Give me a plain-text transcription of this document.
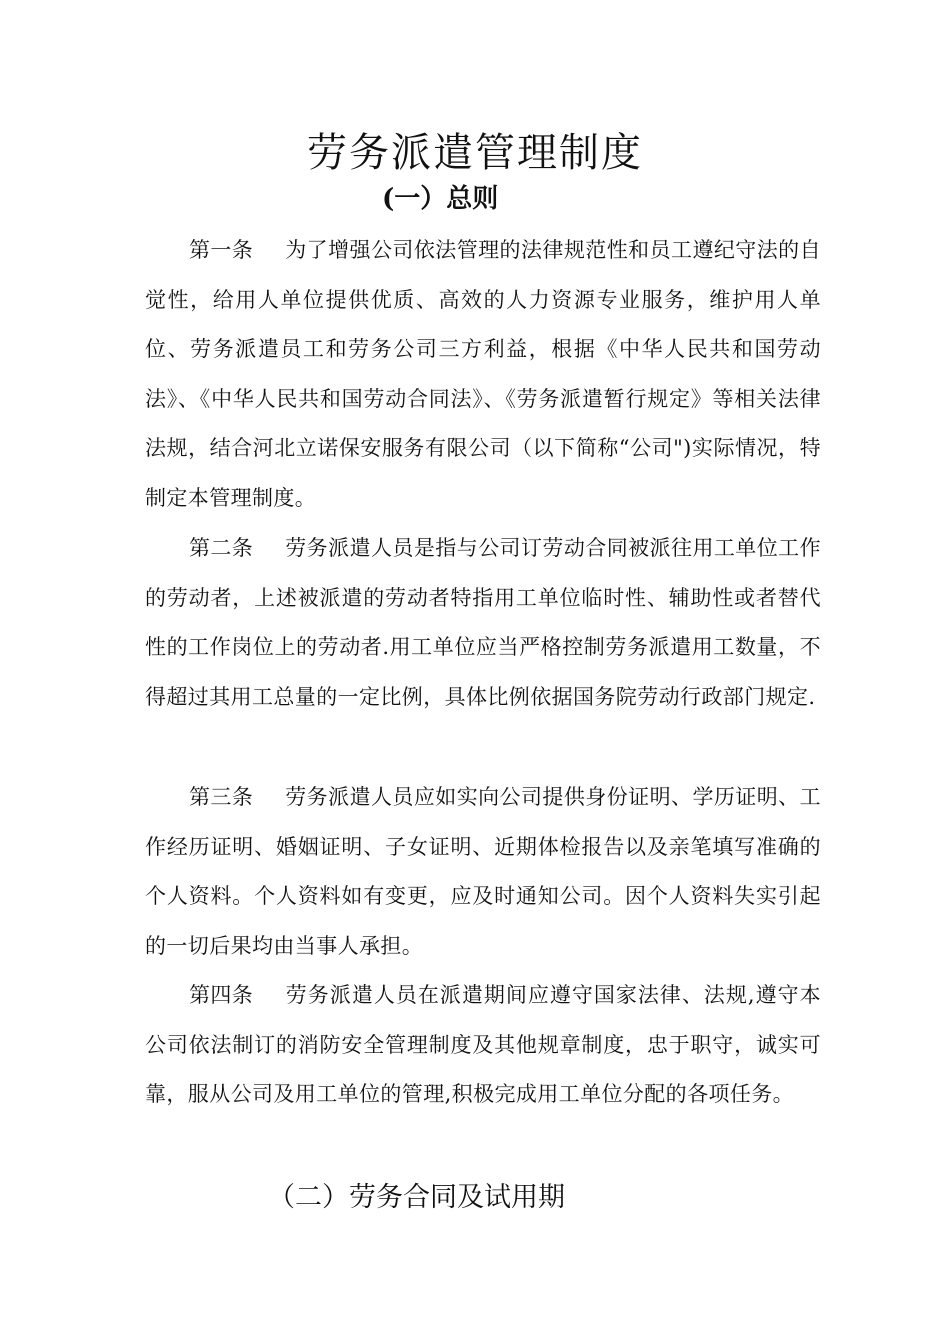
劳务派遣管理制度
(一）总则

第一条 为了增强公司依法管理的法律规范性和员工遵纪守法的自觉性，给用人单位提供优质、高效的人力资源专业服务，维护用人单位、劳务派遣员工和劳务公司三方利益，根据《中华人民共和国劳动法》、《中华人民共和国劳动合同法》、《劳务派遣暂行规定》等相关法律法规，结合河北立诺保安服务有限公司（以下简称“公司")实际情况，特制定本管理制度。

第二条 劳务派遣人员是指与公司订劳动合同被派往用工单位工作的劳动者，上述被派遣的劳动者特指用工单位临时性、辅助性或者替代性的工作岗位上的劳动者.用工单位应当严格控制劳务派遣用工数量，不得超过其用工总量的一定比例，具体比例依据国务院劳动行政部门规定.

第三条 劳务派遣人员应如实向公司提供身份证明、学历证明、工作经历证明、婚姻证明、子女证明、近期体检报告以及亲笔填写准确的个人资料。个人资料如有变更，应及时通知公司。因个人资料失实引起的一切后果均由当事人承担。

第四条 劳务派遣人员在派遣期间应遵守国家法律、法规,遵守本公司依法制订的消防安全管理制度及其他规章制度，忠于职守，诚实可靠，服从公司及用工单位的管理,积极完成用工单位分配的各项任务。

（二）劳务合同及试用期
